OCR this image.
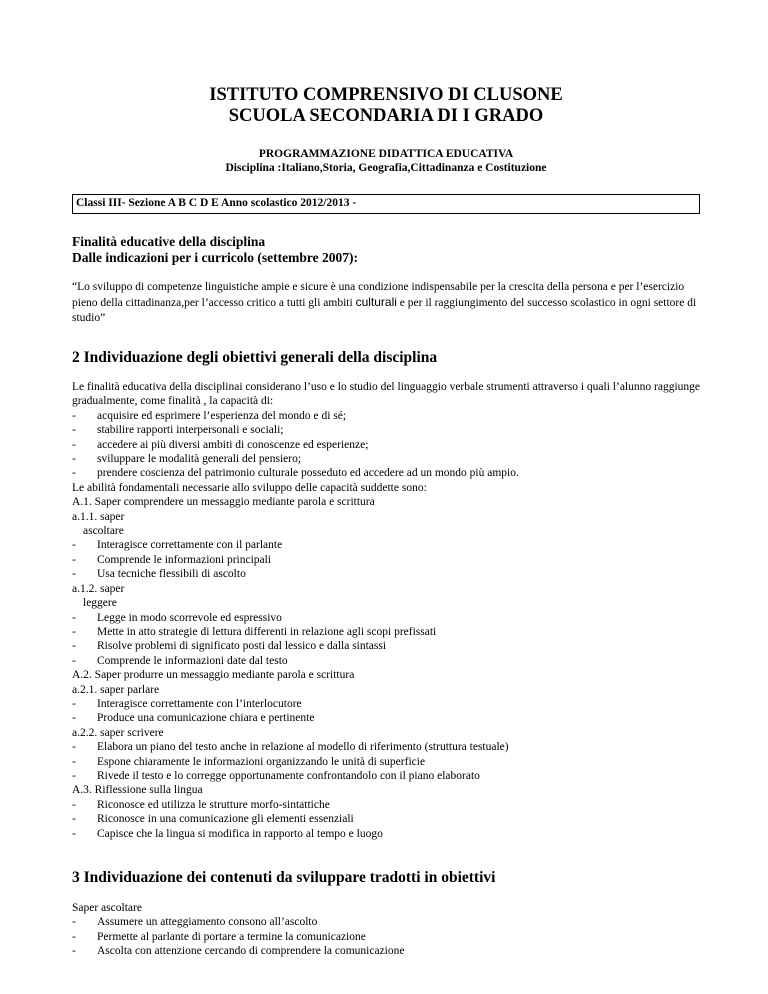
ISTITUTO COMPRENSIVO DI CLUSONE
SCUOLA SECONDARIA DI I GRADO
PROGRAMMAZIONE DIDATTICA EDUCATIVA
Disciplina :Italiano,Storia, Geografia,Cittadinanza e Costituzione
Classi III- Sezione A B C D E Anno scolastico 2012/2013 -
Finalità educative della disciplina
Dalle indicazioni per i curricolo (settembre 2007):
“Lo sviluppo di competenze linguistiche ampie e sicure è una condizione indispensabile per la crescita della persona e per l’esercizio pieno della cittadinanza,per l’accesso critico a tutti gli ambiti culturali e per il raggiungimento del successo scolastico in ogni settore di studio”
2 Individuazione degli obiettivi generali della disciplina
Le finalità educativa della disciplinai considerano l’uso e lo studio del linguaggio verbale strumenti attraverso i quali l’alunno raggiunge gradualmente, come finalità , la capacità di:
-	acquisire ed esprimere l’esperienza del mondo e di sé;
-	stabilire rapporti interpersonali e sociali;
-	accedere ai più diversi ambiti di conoscenze ed esperienze;
-	sviluppare le modalità generali del pensiero;
-	prendere coscienza del patrimonio culturale posseduto ed accedere ad un mondo più ampio.
Le abilità fondamentali necessarie allo sviluppo delle capacità suddette sono:
A.1. Saper comprendere un messaggio mediante parola e scrittura
a.1.1. saper
ascoltare
-	Interagisce correttamente con il parlante
-	Comprende le informazioni principali
-	Usa tecniche flessibili di ascolto
a.1.2. saper
leggere
-	Legge in modo scorrevole ed espressivo
-	Mette in atto strategie di lettura differenti in relazione agli scopi prefissati
-	Risolve problemi di significato posti dal lessico e dalla sintassi
-	Comprende le informazioni date dal testo
A.2. Saper produrre un messaggio mediante parola e scrittura
a.2.1. saper parlare
-	Interagisce correttamente con l’interlocutore
-	Produce una comunicazione chiara e pertinente
a.2.2. saper scrivere
-	Elabora un piano del testo anche in relazione al modello di riferimento (struttura testuale)
-	Espone chiaramente le informazioni organizzando le unità di superficie
-	Rivede il testo e lo corregge opportunamente confrontandolo con il piano elaborato
A.3. Riflessione sulla lingua
-	Riconosce ed utilizza le strutture morfo-sintattiche
-	Riconosce in una comunicazione gli elementi essenziali
-	Capisce che la lingua si modifica in rapporto al tempo e luogo
3 Individuazione dei contenuti da sviluppare tradotti in obiettivi
Saper ascoltare
-	Assumere un atteggiamento consono all’ascolto
-	Permette al parlante di portare a termine la comunicazione
-	Ascolta con attenzione cercando di comprendere la comunicazione
